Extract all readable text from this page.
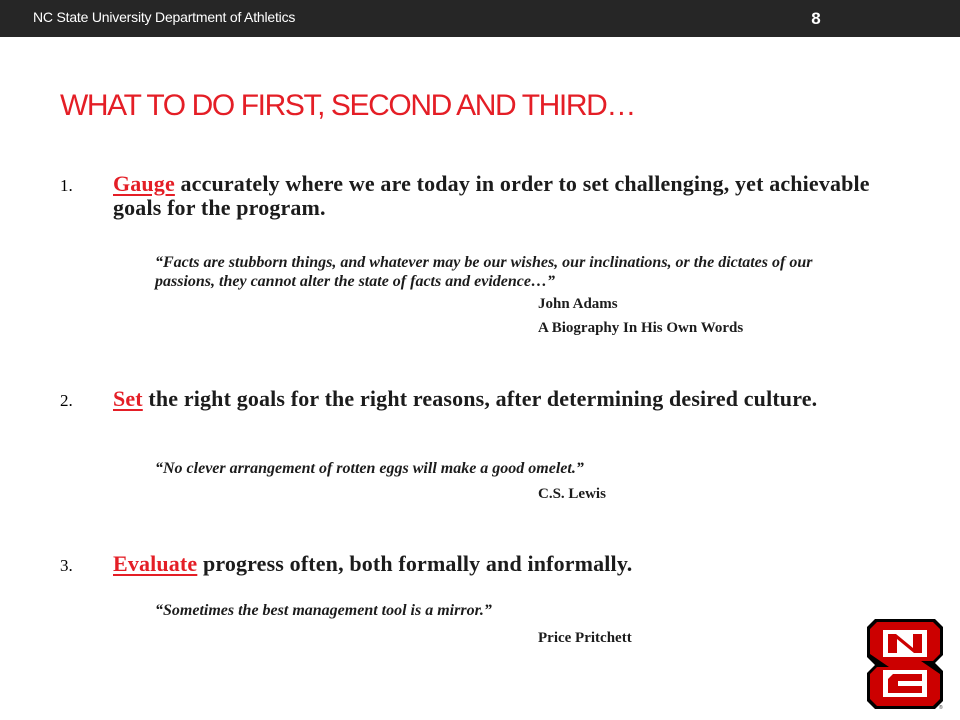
NC State University Department of Athletics	8
WHAT TO DO FIRST, SECOND AND THIRD…
1. Gauge accurately where we are today in order to set challenging, yet achievable goals for the program.
“Facts are stubborn things, and whatever may be our wishes, our inclinations, or the dictates of our passions, they cannot alter the state of facts and evidence…”
John Adams
A Biography In His Own Words
2. Set the right goals for the right reasons, after determining desired culture.
“No clever arrangement of rotten eggs will make a good omelet.”
C.S. Lewis
3. Evaluate progress often, both formally and informally.
“Sometimes the best management tool is a mirror.”
Price Pritchett
®
